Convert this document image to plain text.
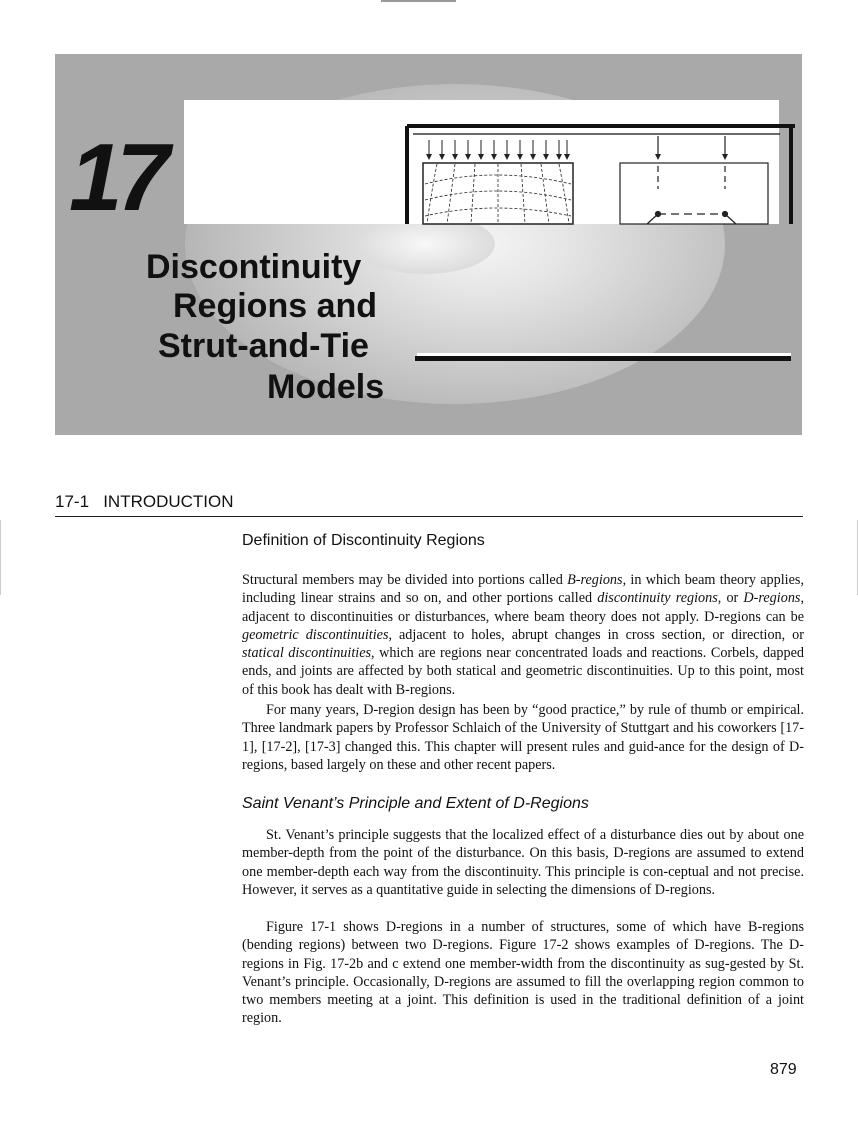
17
Discontinuity
Regions and
Strut-and-Tie
Models
17-1   INTRODUCTION
Definition of Discontinuity Regions

Structural members may be divided into portions called B-regions, in which beam theory applies, including linear strains and so on, and other portions called discontinuity regions, or D-regions, adjacent to discontinuities or disturbances, where beam theory does not apply. D-regions can be geometric discontinuities, adjacent to holes, abrupt changes in cross section, or direction, or statical discontinuities, which are regions near concentrated loads and reactions. Corbels, dapped ends, and joints are affected by both statical and geometric discontinuities. Up to this point, most of this book has dealt with B-regions.

For many years, D-region design has been by “good practice,” by rule of thumb or empirical. Three landmark papers by Professor Schlaich of the University of Stuttgart and his coworkers [17-1], [17-2], [17-3] changed this. This chapter will present rules and guid-ance for the design of D-regions, based largely on these and other recent papers.

Saint Venant’s Principle and Extent of D-Regions

St. Venant’s principle suggests that the localized effect of a disturbance dies out by about one member-depth from the point of the disturbance. On this basis, D-regions are assumed to extend one member-depth each way from the discontinuity. This principle is con-ceptual and not precise. However, it serves as a quantitative guide in selecting the dimensions of D-regions.

Figure 17-1 shows D-regions in a number of structures, some of which have B-regions (bending regions) between two D-regions. Figure 17-2 shows examples of D-regions. The D-regions in Fig. 17-2b and c extend one member-width from the discontinuity as sug-gested by St. Venant’s principle. Occasionally, D-regions are assumed to fill the overlapping region common to two members meeting at a joint. This definition is used in the traditional definition of a joint region.

879
